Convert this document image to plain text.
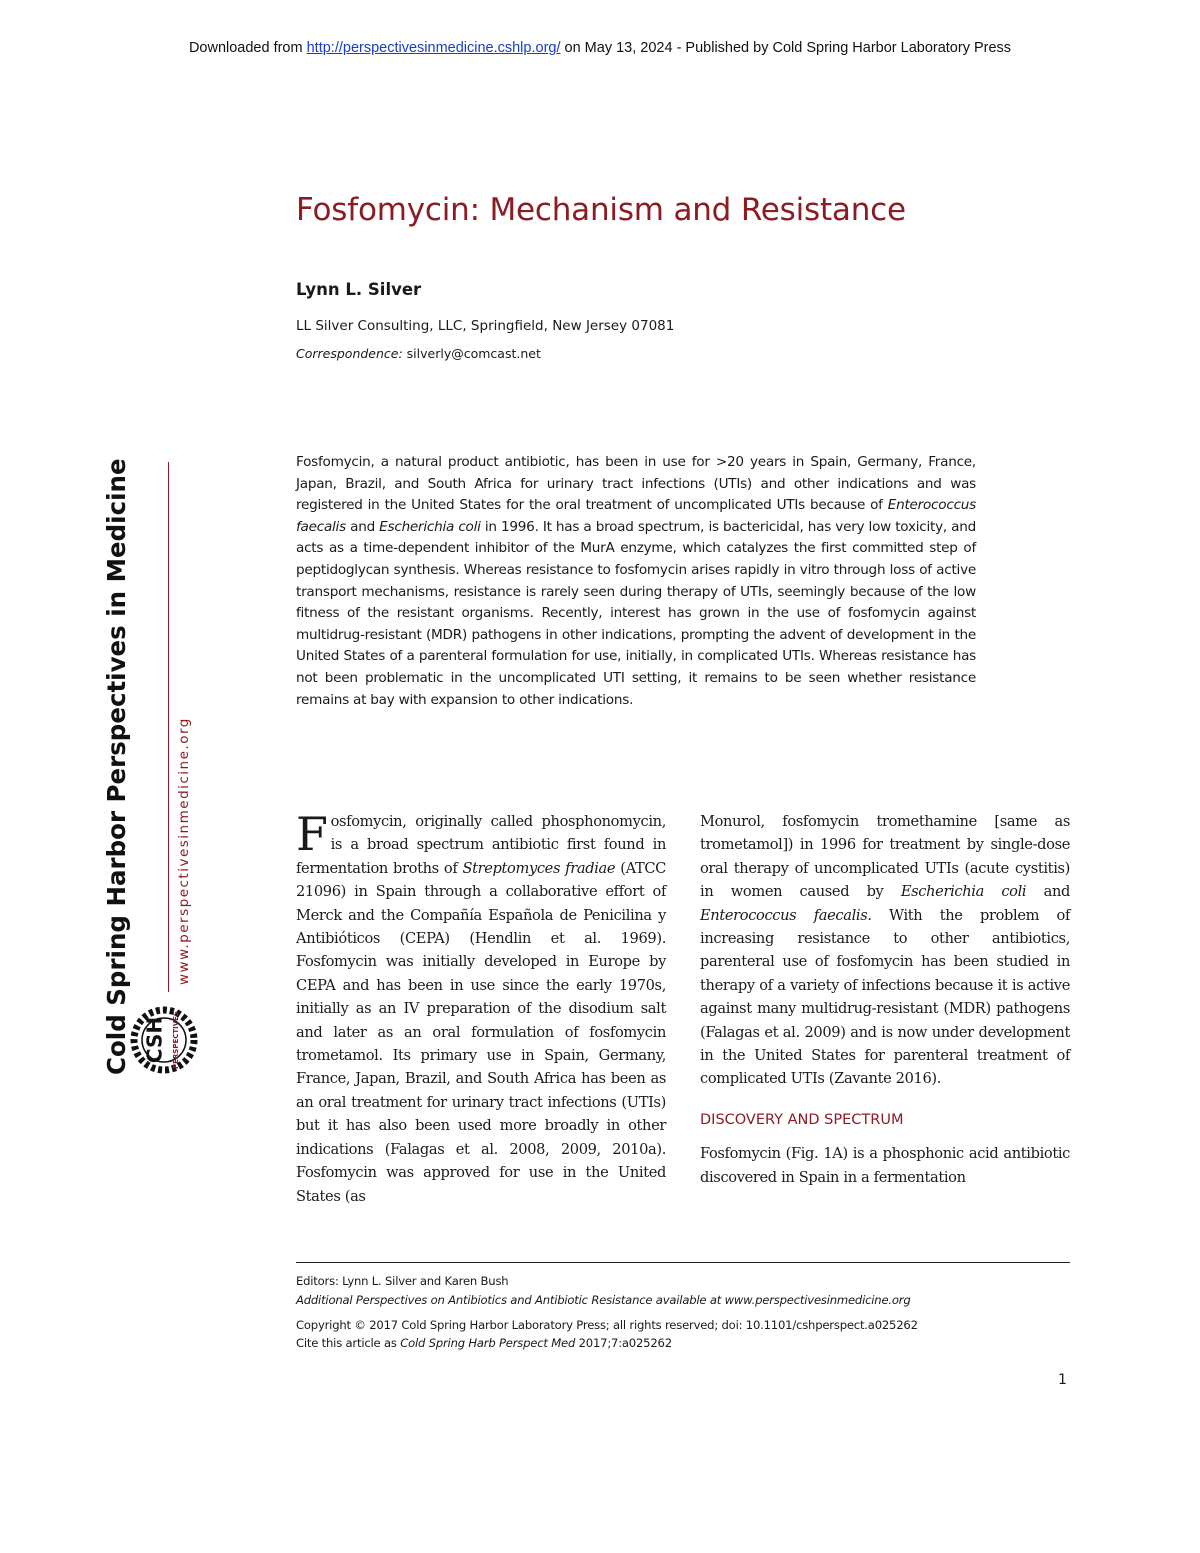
Downloaded from http://perspectivesinmedicine.cshlp.org/ on May 13, 2024 - Published by Cold Spring Harbor Laboratory Press
Fosfomycin: Mechanism and Resistance
Lynn L. Silver
LL Silver Consulting, LLC, Springfield, New Jersey 07081
Correspondence: silverly@comcast.net
Fosfomycin, a natural product antibiotic, has been in use for >20 years in Spain, Germany, France, Japan, Brazil, and South Africa for urinary tract infections (UTIs) and other indications and was registered in the United States for the oral treatment of uncomplicated UTIs because of Enterococcus faecalis and Escherichia coli in 1996. It has a broad spectrum, is bactericidal, has very low toxicity, and acts as a time-dependent inhibitor of the MurA enzyme, which catalyzes the first committed step of peptidoglycan synthesis. Whereas resistance to fosfomycin arises rapidly in vitro through loss of active transport mechanisms, resistance is rarely seen during therapy of UTIs, seemingly because of the low fitness of the resistant organisms. Recently, interest has grown in the use of fosfomycin against multidrug-resistant (MDR) pathogens in other indications, prompting the advent of development in the United States of a parenteral formulation for use, initially, in complicated UTIs. Whereas resistance has not been problematic in the uncomplicated UTI setting, it remains to be seen whether resistance remains at bay with expansion to other indications.

Fosfomycin, originally called phosphonomycin, is a broad spectrum antibiotic first found in fermentation broths of Streptomyces fradiae (ATCC 21096) in Spain through a collaborative effort of Merck and the Compañía Española de Penicilina y Antibióticos (CEPA) (Hendlin et al. 1969). Fosfomycin was initially developed in Europe by CEPA and has been in use since the early 1970s, initially as an IV preparation of the disodium salt and later as an oral formulation of fosfomycin trometamol. Its primary use in Spain, Germany, France, Japan, Brazil, and South Africa has been as an oral treatment for urinary tract infections (UTIs) but it has also been used more broadly in other indications (Falagas et al. 2008, 2009, 2010a). Fosfomycin was approved for use in the United States (as

Monurol, fosfomycin tromethamine [same as trometamol]) in 1996 for treatment by single-dose oral therapy of uncomplicated UTIs (acute cystitis) in women caused by Escherichia coli and Enterococcus faecalis. With the problem of increasing resistance to other antibiotics, parenteral use of fosfomycin has been studied in therapy of a variety of infections because it is active against many multidrug-resistant (MDR) pathogens (Falagas et al. 2009) and is now under development in the United States for parenteral treatment of complicated UTIs (Zavante 2016).

DISCOVERY AND SPECTRUM

Fosfomycin (Fig. 1A) is a phosphonic acid antibiotic discovered in Spain in a fermentation

Editors: Lynn L. Silver and Karen Bush
Additional Perspectives on Antibiotics and Antibiotic Resistance available at www.perspectivesinmedicine.org
Copyright © 2017 Cold Spring Harbor Laboratory Press; all rights reserved; doi: 10.1101/cshperspect.a025262
Cite this article as Cold Spring Harb Perspect Med 2017;7:a025262
1
Cold Spring Harbor Perspectives in Medicine	www.perspectivesinmedicine.org
CSH PERSPECTIVES
